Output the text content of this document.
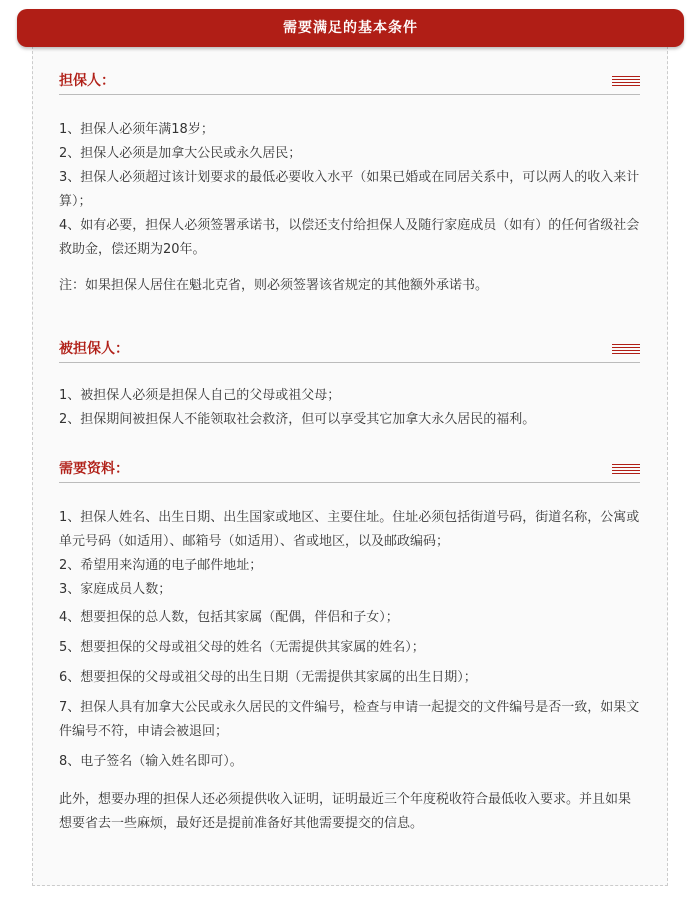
需要满足的基本条件
担保人：

1、担保人必须年满18岁；

2、担保人必须是加拿大公民或永久居民；

3、担保人必须超过该计划要求的最低必要收入水平（如果已婚或在同居关系中，可以两人的收入来计算）；

4、如有必要，担保人必须签署承诺书，以偿还支付给担保人及随行家庭成员（如有）的任何省级社会救助金，偿还期为20年。

注：如果担保人居住在魁北克省，则必须签署该省规定的其他额外承诺书。

被担保人：

1、被担保人必须是担保人自己的父母或祖父母；

2、担保期间被担保人不能领取社会救济，但可以享受其它加拿大永久居民的福利。

需要资料：

1、担保人姓名、出生日期、出生国家或地区、主要住址。住址必须包括街道号码，街道名称，公寓或单元号码（如适用）、邮箱号（如适用）、省或地区，以及邮政编码；

2、希望用来沟通的电子邮件地址；

3、家庭成员人数；

4、想要担保的总人数，包括其家属（配偶，伴侣和子女）；

5、想要担保的父母或祖父母的姓名（无需提供其家属的姓名）；

6、想要担保的父母或祖父母的出生日期（无需提供其家属的出生日期）；

7、担保人具有加拿大公民或永久居民的文件编号，检查与申请一起提交的文件编号是否一致，如果文件编号不符，申请会被退回；

8、电子签名（输入姓名即可）。

此外，想要办理的担保人还必须提供收入证明，证明最近三个年度税收符合最低收入要求。并且如果想要省去一些麻烦，最好还是提前准备好其他需要提交的信息。
